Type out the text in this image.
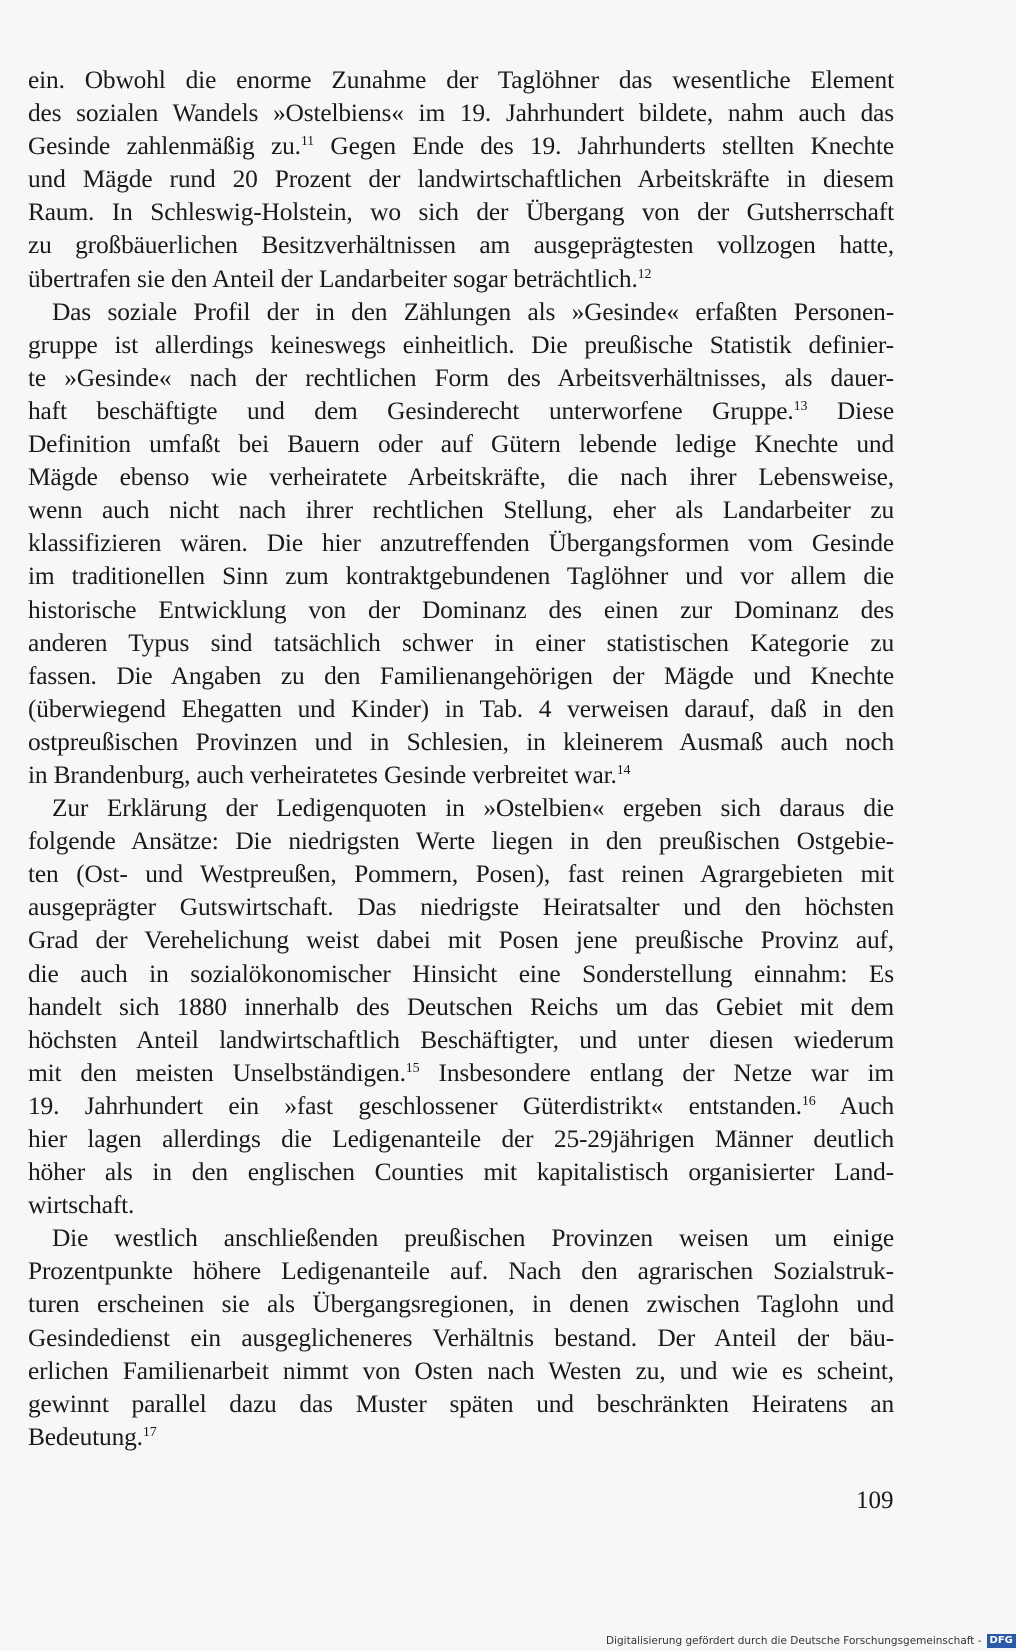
ein. Obwohl die enorme Zunahme der Taglöhner das wesentliche Element
des sozialen Wandels »Ostelbiens« im 19. Jahrhundert bildete, nahm auch das
Gesinde zahlenmäßig zu.$^{11}$ Gegen Ende des 19. Jahrhunderts stellten Knechte
und Mägde rund 20 Prozent der landwirtschaftlichen Arbeitskräfte in diesem
Raum. In Schleswig-Holstein, wo sich der Übergang von der Gutsherrschaft
zu großbäuerlichen Besitzverhältnissen am ausgeprägtesten vollzogen hatte,
übertrafen sie den Anteil der Landarbeiter sogar beträchtlich.$^{12}$
Das soziale Profil der in den Zählungen als »Gesinde« erfaßten Personen-
gruppe ist allerdings keineswegs einheitlich. Die preußische Statistik definier-
te »Gesinde« nach der rechtlichen Form des Arbeitsverhältnisses, als dauer-
haft beschäftigte und dem Gesinderecht unterworfene Gruppe.$^{13}$ Diese
Definition umfaßt bei Bauern oder auf Gütern lebende ledige Knechte und
Mägde ebenso wie verheiratete Arbeitskräfte, die nach ihrer Lebensweise,
wenn auch nicht nach ihrer rechtlichen Stellung, eher als Landarbeiter zu
klassifizieren wären. Die hier anzutreffenden Übergangsformen vom Gesinde
im traditionellen Sinn zum kontraktgebundenen Taglöhner und vor allem die
historische Entwicklung von der Dominanz des einen zur Dominanz des
anderen Typus sind tatsächlich schwer in einer statistischen Kategorie zu
fassen. Die Angaben zu den Familienangehörigen der Mägde und Knechte
(überwiegend Ehegatten und Kinder) in Tab. 4 verweisen darauf, daß in den
ostpreußischen Provinzen und in Schlesien, in kleinerem Ausmaß auch noch
in Brandenburg, auch verheiratetes Gesinde verbreitet war.$^{14}$
Zur Erklärung der Ledigenquoten in »Ostelbien« ergeben sich daraus die
folgende Ansätze: Die niedrigsten Werte liegen in den preußischen Ostgebie-
ten (Ost- und Westpreußen, Pommern, Posen), fast reinen Agrargebieten mit
ausgeprägter Gutswirtschaft. Das niedrigste Heiratsalter und den höchsten
Grad der Verehelichung weist dabei mit Posen jene preußische Provinz auf,
die auch in sozialökonomischer Hinsicht eine Sonderstellung einnahm: Es
handelt sich 1880 innerhalb des Deutschen Reichs um das Gebiet mit dem
höchsten Anteil landwirtschaftlich Beschäftigter, und unter diesen wiederum
mit den meisten Unselbständigen.$^{15}$ Insbesondere entlang der Netze war im
19. Jahrhundert ein »fast geschlossener Güterdistrikt« entstanden.$^{16}$ Auch
hier lagen allerdings die Ledigenanteile der 25-29jährigen Männer deutlich
höher als in den englischen Counties mit kapitalistisch organisierter Land-
wirtschaft.
Die westlich anschließenden preußischen Provinzen weisen um einige
Prozentpunkte höhere Ledigenanteile auf. Nach den agrarischen Sozialstruk-
turen erscheinen sie als Übergangsregionen, in denen zwischen Taglohn und
Gesindedienst ein ausgeglicheneres Verhältnis bestand. Der Anteil der bäu-
erlichen Familienarbeit nimmt von Osten nach Westen zu, und wie es scheint,
gewinnt parallel dazu das Muster späten und beschränkten Heiratens an
Bedeutung.$^{17}$
109
Digitalisierung gefördert durch die Deutsche Forschungsgemeinschaft - DFG
